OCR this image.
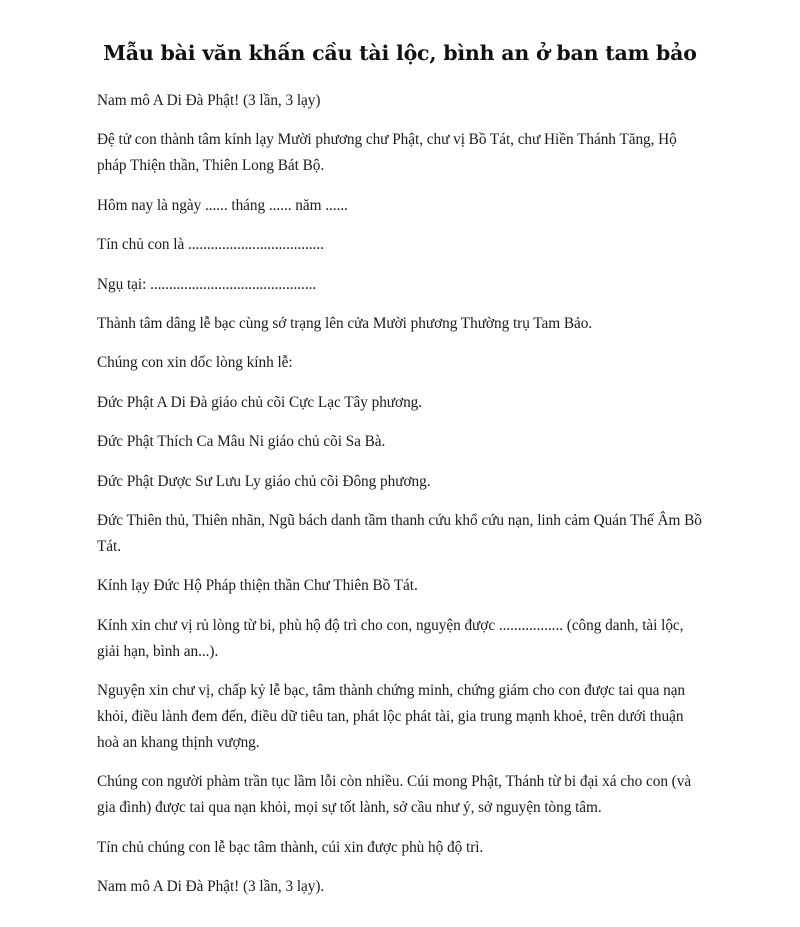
Mẫu bài văn khấn cầu tài lộc, bình an ở ban tam bảo

Nam mô A Di Đà Phật! (3 lần, 3 lạy)

Đệ tử con thành tâm kính lạy Mười phương chư Phật, chư vị Bồ Tát, chư Hiền Thánh Tăng, Hộ pháp Thiện thần, Thiên Long Bát Bộ.

Hôm nay là ngày ...... tháng ...... năm ......

Tín chủ con là ....................................

Ngụ tại: ............................................

Thành tâm dâng lễ bạc cùng sớ trạng lên cửa Mười phương Thường trụ Tam Bảo.

Chúng con xin dốc lòng kính lễ:

Đức Phật A Di Đà giáo chủ cõi Cực Lạc Tây phương.

Đức Phật Thích Ca Mâu Ni giáo chủ cõi Sa Bà.

Đức Phật Dược Sư Lưu Ly giáo chủ cõi Đông phương.

Đức Thiên thủ, Thiên nhãn, Ngũ bách danh tầm thanh cứu khổ cứu nạn, linh cảm Quán Thế Âm Bồ Tát.

Kính lạy Đức Hộ Pháp thiện thần Chư Thiên Bồ Tát.

Kính xin chư vị rủ lòng từ bi, phù hộ độ trì cho con, nguyện được ................. (công danh, tài lộc, giải hạn, bình an...).

Nguyện xin chư vị, chấp kỷ lễ bạc, tâm thành chứng minh, chứng giám cho con được tai qua nạn khỏi, điều lành đem đến, điều dữ tiêu tan, phát lộc phát tài, gia trung mạnh khoẻ, trên dưới thuận hoà an khang thịnh vượng.

Chúng con người phàm trần tục lầm lỗi còn nhiều. Cúi mong Phật, Thánh từ bi đại xá cho con (và gia đình) được tai qua nạn khỏi, mọi sự tốt lành, sở cầu như ý, sở nguyện tòng tâm.

Tín chủ chúng con lễ bạc tâm thành, cúi xin được phù hộ độ trì.

Nam mô A Di Đà Phật! (3 lần, 3 lạy).
